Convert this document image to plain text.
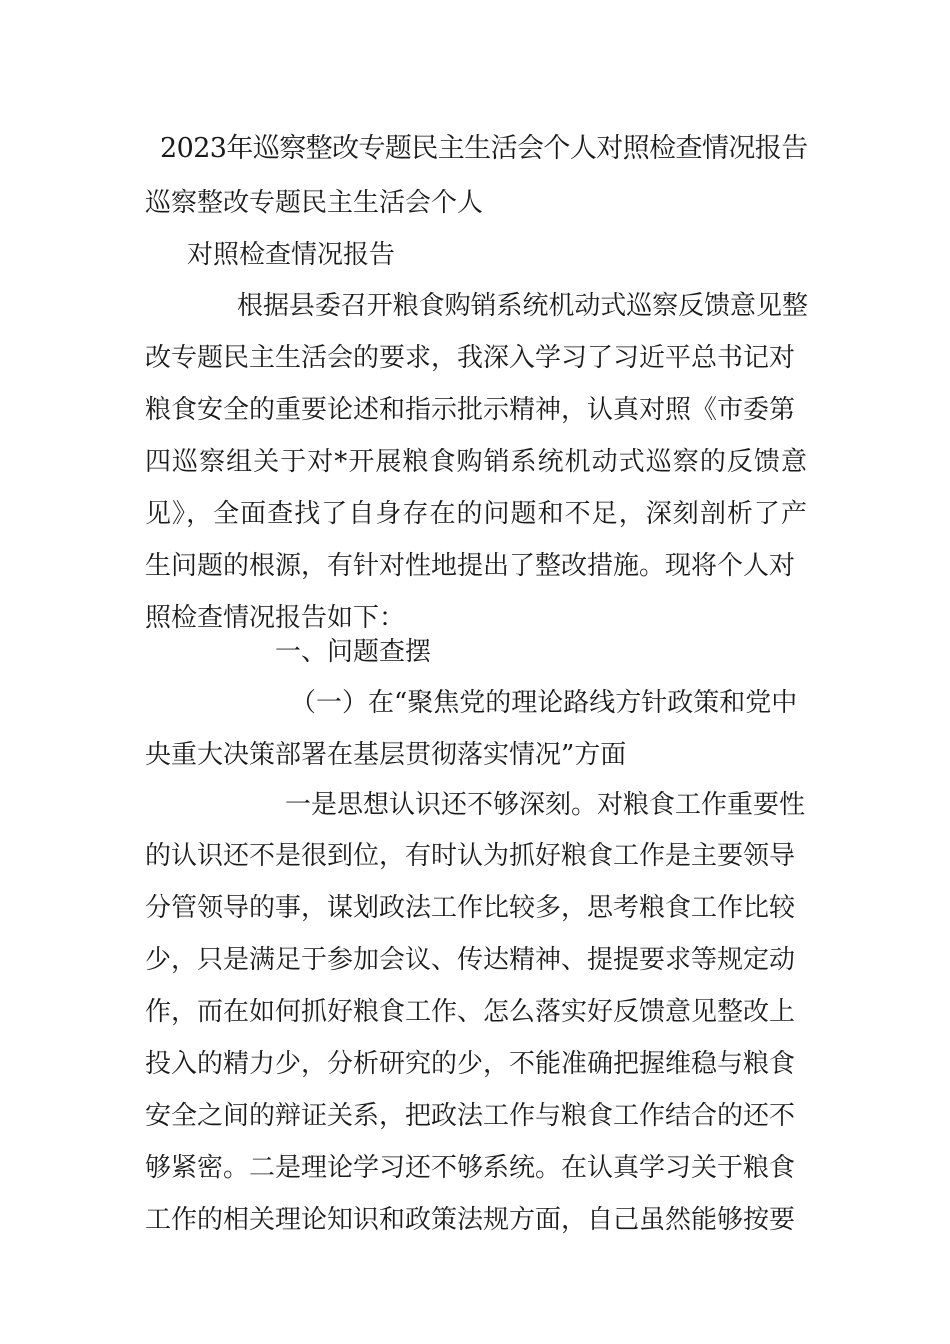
2023年巡察整改专题民主生活会个人对照检查情况报告
巡察整改专题民主生活会个人
对照检查情况报告
根据县委召开粮食购销系统机动式巡察反馈意见整
改专题民主生活会的要求，我深入学习了习近平总书记对
粮食安全的重要论述和指示批示精神，认真对照《市委第
四巡察组关于对*开展粮食购销系统机动式巡察的反馈意
见》，全面查找了自身存在的问题和不足，深刻剖析了产
生问题的根源，有针对性地提出了整改措施。现将个人对
照检查情况报告如下：
一、问题查摆
（一）在“聚焦党的理论路线方针政策和党中
央重大决策部署在基层贯彻落实情况”方面
一是思想认识还不够深刻。对粮食工作重要性
的认识还不是很到位，有时认为抓好粮食工作是主要领导
分管领导的事，谋划政法工作比较多，思考粮食工作比较
少，只是满足于参加会议、传达精神、提提要求等规定动
作，而在如何抓好粮食工作、怎么落实好反馈意见整改上
投入的精力少，分析研究的少，不能准确把握维稳与粮食
安全之间的辩证关系，把政法工作与粮食工作结合的还不
够紧密。二是理论学习还不够系统。在认真学习关于粮食
工作的相关理论知识和政策法规方面，自己虽然能够按要
